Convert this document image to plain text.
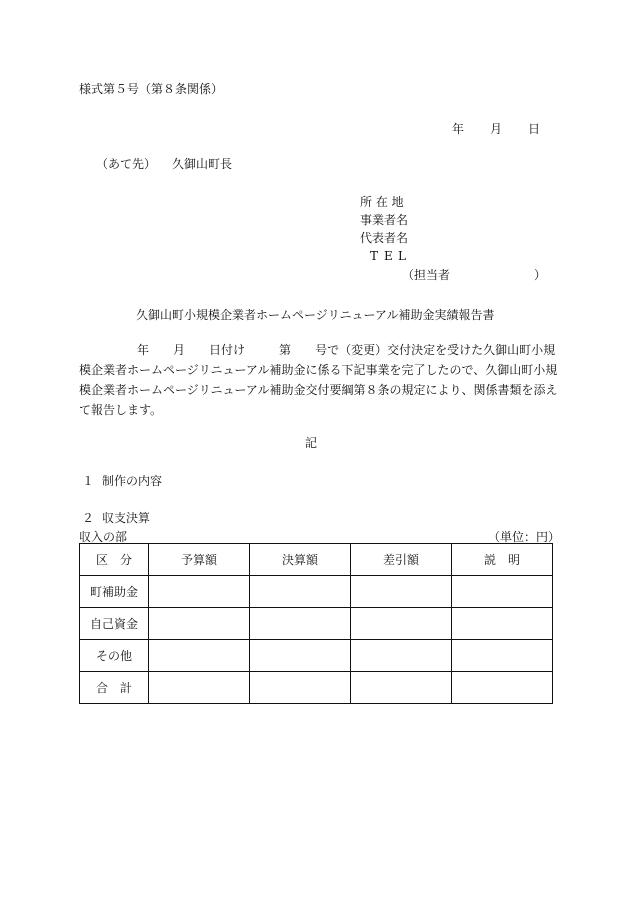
様式第５号（第８条関係）
年 月 日
（あて先） 久御山町長
所 在 地
事業者名
代表者名
T E L
（担当者	）
久御山町小規模企業者ホームページリニューアル補助金実績報告書
年 月 日付け	第 号で（変更）交付決定を受けた久御山町小規
模企業者ホームページリニューアル補助金に係る下記事業を完了したので、久御山町小規
模企業者ホームページリニューアル補助金交付要綱第８条の規定により、関係書類を添え
て報告します。
記
１ 制作の内容
２ 収支決算
収入の部	（単位：円）
区　分	予算額	決算額	差引額	説　明
町補助金				
自己資金				
その他				
合　計				
